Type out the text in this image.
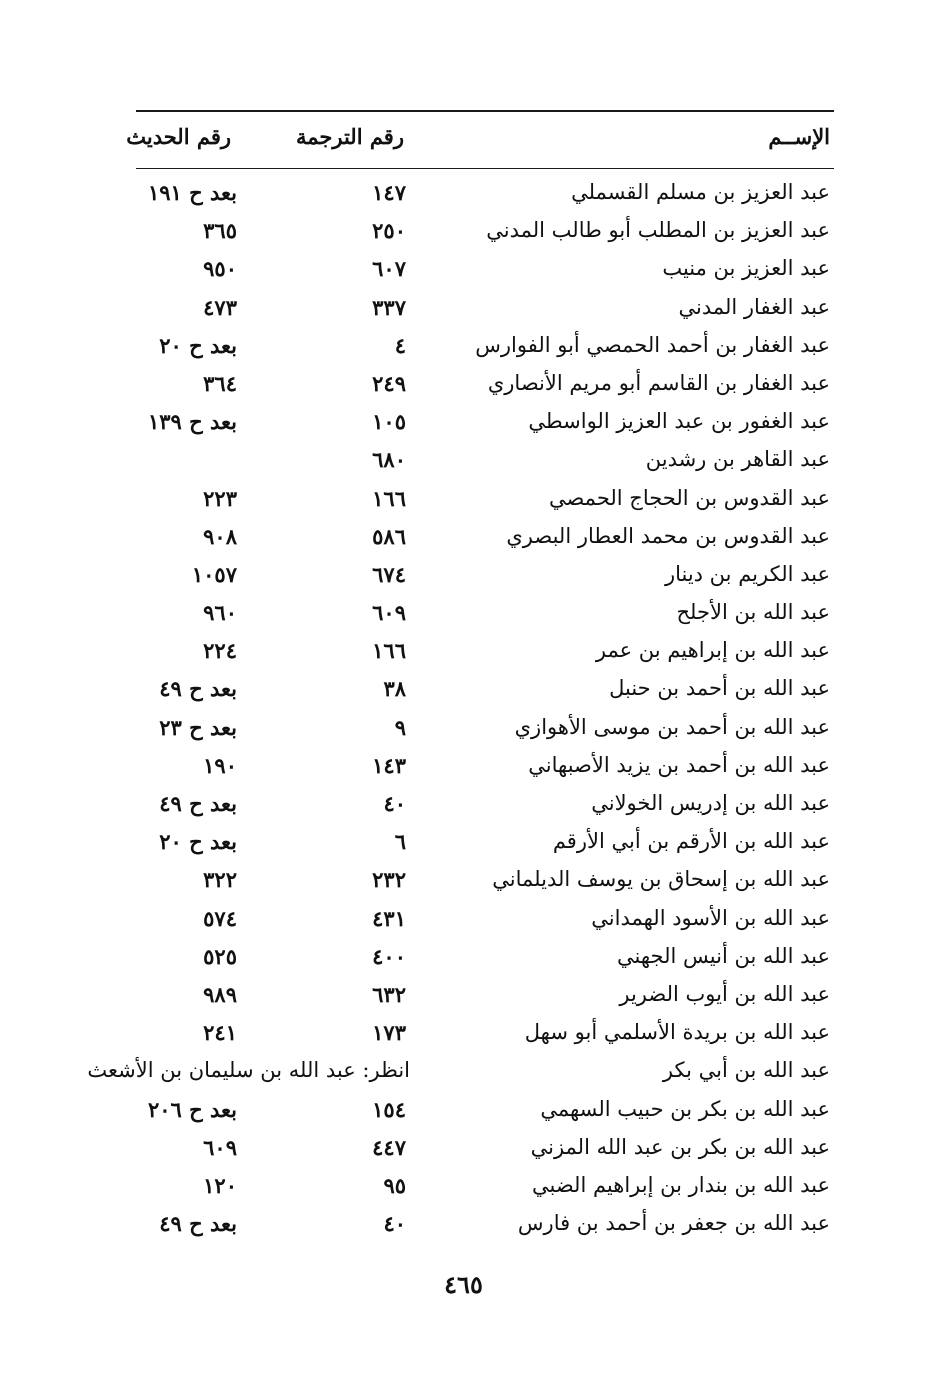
الإســم
رقم الترجمة
رقم الحديث
عبد العزيز بن مسلم القسملي
١٤٧
بعد ح ١٩١
عبد العزيز بن المطلب أبو طالب المدني
٢٥٠
٣٦٥
عبد العزيز بن منيب
٦٠٧
٩٥٠
عبد الغفار المدني
٣٣٧
٤٧٣
عبد الغفار بن أحمد الحمصي أبو الفوارس
٤
بعد ح ٢٠
عبد الغفار بن القاسم أبو مريم الأنصاري
٢٤٩
٣٦٤
عبد الغفور بن عبد العزيز الواسطي
١٠٥
بعد ح ١٣٩
عبد القاهر بن رشدين
٦٨٠
عبد القدوس بن الحجاج الحمصي
١٦٦
٢٢٣
عبد القدوس بن محمد العطار البصري
٥٨٦
٩٠٨
عبد الكريم بن دينار
٦٧٤
١٠٥٧
عبد الله بن الأجلح
٦٠٩
٩٦٠
عبد الله بن إبراهيم بن عمر
١٦٦
٢٢٤
عبد الله بن أحمد بن حنبل
٣٨
بعد ح ٤٩
عبد الله بن أحمد بن موسى الأهوازي
٩
بعد ح ٢٣
عبد الله بن أحمد بن يزيد الأصبهاني
١٤٣
١٩٠
عبد الله بن إدريس الخولاني
٤٠
بعد ح ٤٩
عبد الله بن الأرقم بن أبي الأرقم
٦
بعد ح ٢٠
عبد الله بن إسحاق بن يوسف الديلماني
٢٣٢
٣٢٢
عبد الله بن الأسود الهمداني
٤٣١
٥٧٤
عبد الله بن أنيس الجهني
٤٠٠
٥٢٥
عبد الله بن أيوب الضرير
٦٣٢
٩٨٩
عبد الله بن بريدة الأسلمي أبو سهل
١٧٣
٢٤١
عبد الله بن أبي بكر
انظر: عبد الله بن سليمان بن الأشعث
عبد الله بن بكر بن حبيب السهمي
١٥٤
بعد ح ٢٠٦
عبد الله بن بكر بن عبد الله المزني
٤٤٧
٦٠٩
عبد الله بن بندار بن إبراهيم الضبي
٩٥
١٢٠
عبد الله بن جعفر بن أحمد بن فارس
٤٠
بعد ح ٤٩
٤٦٥
